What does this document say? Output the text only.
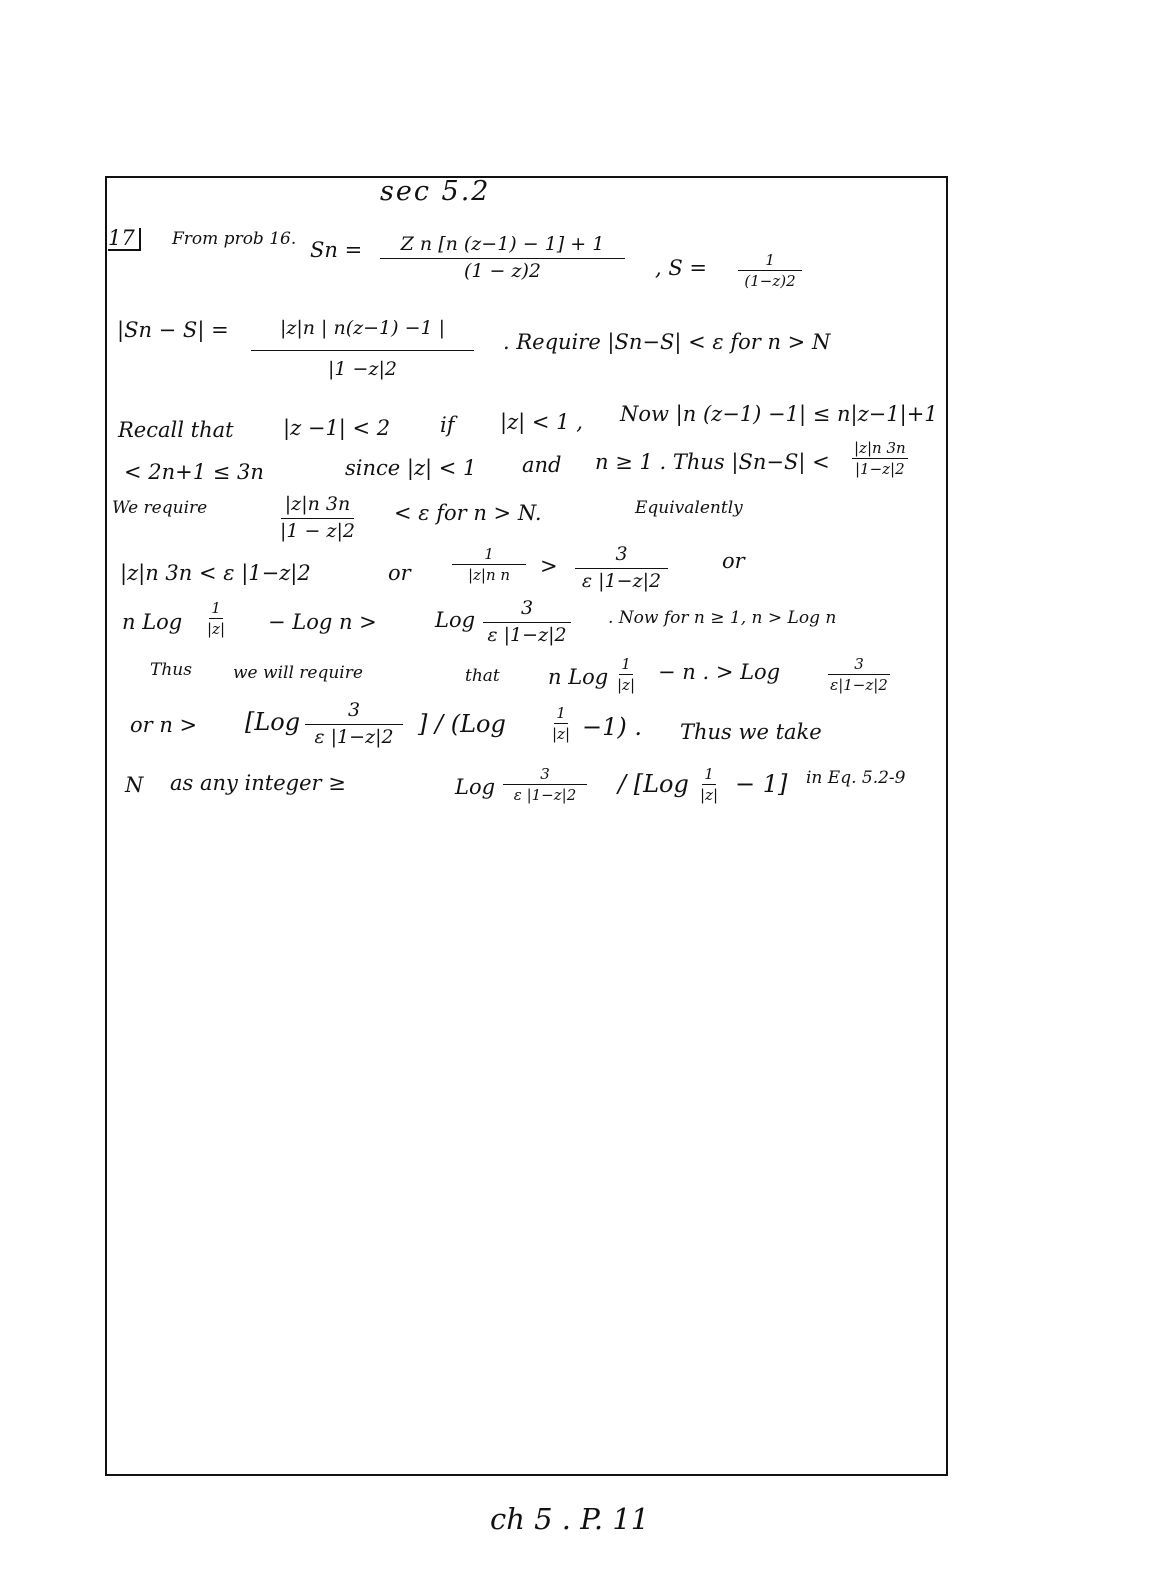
sec 5.2
17	From prob 16. $Sn = \frac{\text{Z n [n (z−1) − 1] + 1}}{(1 - z)2}$ , $S = \frac{1}{(1-z)2}$
$|Sn - S| = \frac{|z|n | n(z-1) -1 |}{|1 -z|2}$ . Require |Sn−S| < ε for n > N
Recall that |z −1| < 2 if |z| < 1 , Now |n (z−1) −1| ≤ n|z−1|+1
< 2n+1 ≤ 3n	since |z| < 1 and n ≥ 1 . Thus $|Sn-S| < \frac{|z|n 3n}{|1-z|2}$
We require	$\frac{|z|n 3n}{|1 - z|2} < \varepsilon$ for n > N.	Equivalently
|z|n 3n < ε |1−z|2	or	$\frac{1}{\text{|z|n n}} > \frac{3}{\varepsilon |1-z|2}$	or
n Log $\frac{1}{|z|}$ − Log n >	Log $\frac{3}{\varepsilon |1-z|2}$ . Now for n ≥ 1, n > Log n
Thus we will require	that n Log $\frac{1}{|z|} - n$ . > Log	$\frac{3}{\varepsilon|1-z|2}$
or $n > [Log \frac{3}{\varepsilon |1-z|2}$ ] / (Log	$\frac{1}{|z|} -1$) . Thus we take
N as any integer ≥	Log $\frac{3}{\varepsilon |1-z|2} / [Log \frac{1}{|z|} - 1]$ in Eq. 5.2-9
ch 5 . P. 11
